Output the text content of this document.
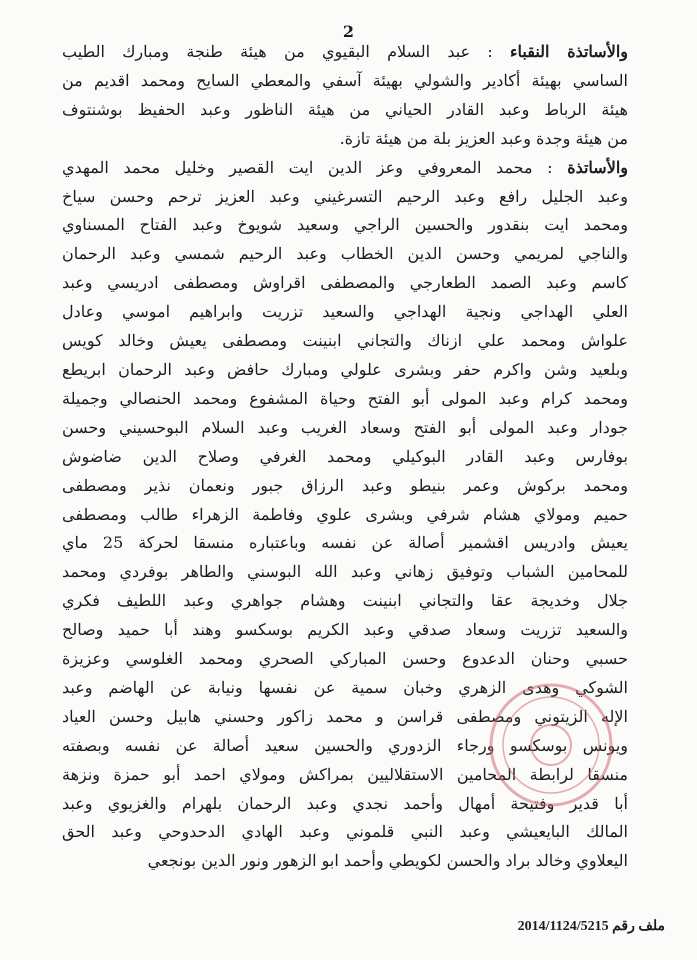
2
والأساتذة النقباء : عبد السلام البقيوي من هيئة طنجة ومبارك الطيب
الساسي بهيئة أكادير والشولي بهيئة آسفي والمعطي السايح ومحمد اقديم من
هيئة الرباط وعبد القادر الحياني من هيئة الناظور وعبد الحفيظ بوشنتوف
من هيئة وجدة وعبد العزيز بلة من هيئة تازة.
والأساتذة : محمد المعروفي وعز الدين ايت القصير وخليل محمد المهدي
وعبد الجليل رافع وعبد الرحيم التسرغيني وعبد العزيز ترحم وحسن سياخ
ومحمد ايت بنقدور والحسين الراجي وسعيد شويوخ وعبد الفتاح المسناوي
والناجي لمريمي وحسن الدين الخطاب وعبد الرحيم شمسي وعبد الرحمان
كاسم وعبد الصمد الطعارجي والمصطفى اقراوش ومصطفى ادريسي وعبد
العلي الهداجي ونجية الهداجي والسعيد تزريت وابراهيم اموسي وعادل
علواش ومحمد علي ازناك والتجاني ابنينت ومصطفى يعيش وخالد كويس
وبلعيد وشن واكرم حفر وبشرى علولي ومبارك حافض وعبد الرحمان ابريطع
ومحمد كرام وعبد المولى أبو الفتح وحياة المشفوع ومحمد الحنصالي وجميلة
جودار وعبد المولى أبو الفتح وسعاد الغريب وعبد السلام البوحسيني وحسن
بوفارس وعبد القادر البوكيلي ومحمد الغرفي وصلاح الدين ضاضوش
ومحمد بركوش وعمر بنيطو وعبد الرزاق جبور ونعمان نذير ومصطفى
حميم ومولاي هشام شرفي وبشرى علوي وفاطمة الزهراء طالب ومصطفى
يعيش وادريس اقشمير أصالة عن نفسه وباعتباره منسقا لحركة 25 ماي
للمحامين الشباب وتوفيق زهاني وعبد الله البوسني والطاهر بوفردي ومحمد
جلال وخديجة عقا والتجاني ابنينت وهشام جواهري وعبد اللطيف فكري
والسعيد تزريت وسعاد صدقي وعبد الكريم بوسكسو وهند أبا حميد وصالح
حسبي وحنان الدعدوع وحسن المباركي الصحري ومحمد الغلوسي وعزيزة
الشوكي وهدى الزهري وخبان سمية عن نفسها ونيابة عن الهاضم وعبد
الإله الزيتوني ومصطفى قراسن و محمد زاكور وحسني هابيل وحسن العياد
ويونس بوسكسو ورجاء الزدوري والحسين سعيد أصالة عن نفسه وبصفته
منسقا لرابطة المحامين الاستقلاليين بمراكش ومولاي احمد أبو حمزة ونزهة
أبا قدير وفتيحة أمهال وأحمد نجدي وعبد الرحمان بلهرام والغزيوي وعبد
المالك البايعيشي وعبد النبي قلموني وعبد الهادي الدحدوحي وعبد الحق
اليعلاوي وخالد براد والحسن لكويطي وأحمد ابو الزهور ونور الدين بونجعي
ملف رقم 2014/1124/5215
